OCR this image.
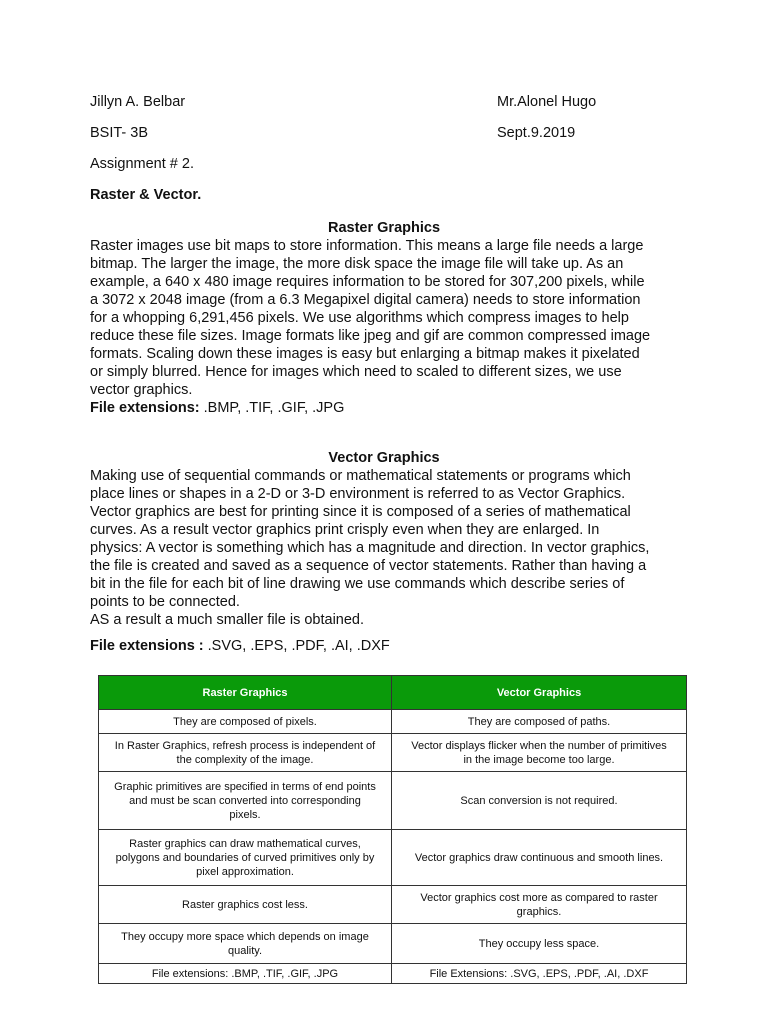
Jillyn A. Belbar	Mr.Alonel Hugo
BSIT- 3B	Sept.9.2019
Assignment # 2.
Raster & Vector.
Raster Graphics
Raster images use bit maps to store information. This means a large file needs a large
bitmap. The larger the image, the more disk space the image file will take up. As an
example, a 640 x 480 image requires information to be stored for 307,200 pixels, while
a 3072 x 2048 image (from a 6.3 Megapixel digital camera) needs to store information
for a whopping 6,291,456 pixels. We use algorithms which compress images to help
reduce these file sizes. Image formats like jpeg and gif are common compressed image
formats. Scaling down these images is easy but enlarging a bitmap makes it pixelated
or simply blurred. Hence for images which need to scaled to different sizes, we use
vector graphics.
File extensions: .BMP, .TIF, .GIF, .JPG
Vector Graphics
Making use of sequential commands or mathematical statements or programs which
place lines or shapes in a 2-D or 3-D environment is referred to as Vector Graphics.
Vector graphics are best for printing since it is composed of a series of mathematical
curves. As a result vector graphics print crisply even when they are enlarged. In
physics: A vector is something which has a magnitude and direction. In vector graphics,
the file is created and saved as a sequence of vector statements. Rather than having a
bit in the file for each bit of line drawing we use commands which describe series of
points to be connected.
AS a result a much smaller file is obtained.
File extensions : .SVG, .EPS, .PDF, .AI, .DXF
Raster Graphics	Vector Graphics
They are composed of pixels.	They are composed of paths.
In Raster Graphics, refresh process is independent of the complexity of the image.	Vector displays flicker when the number of primitives in the image become too large.
Graphic primitives are specified in terms of end points and must be scan converted into corresponding pixels.	Scan conversion is not required.
Raster graphics can draw mathematical curves, polygons and boundaries of curved primitives only by pixel approximation.	Vector graphics draw continuous and smooth lines.
Raster graphics cost less.	Vector graphics cost more as compared to raster graphics.
They occupy more space which depends on image quality.	They occupy less space.
File extensions: .BMP, .TIF, .GIF, .JPG	File Extensions: .SVG, .EPS, .PDF, .AI, .DXF
